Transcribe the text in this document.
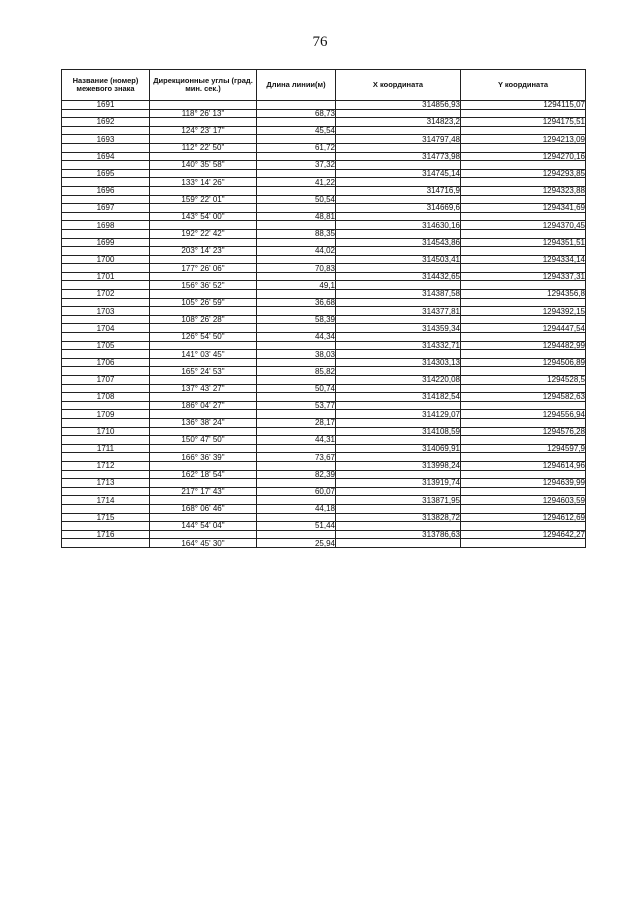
76
Название (номер) межевого знака	Дирекционные углы (град. мин. сек.)	Длина линии(м)	X координата	Y координата
1691			314856,93	1294115,07
	118° 26' 13"	68,73		
1692			314823,2	1294175,51
	124° 23' 17"	45,54		
1693			314797,48	1294213,09
	112° 22' 50"	61,72		
1694			314773,98	1294270,16
	140° 35' 58"	37,32		
1695			314745,14	1294293,85
	133° 14' 26"	41,22		
1696			314716,9	1294323,88
	159° 22' 01"	50,54		
1697			314669,6	1294341,69
	143° 54' 00"	48,81		
1698			314630,16	1294370,45
	192° 22' 42"	88,35		
1699			314543,86	1294351,51
	203° 14' 23"	44,02		
1700			314503,41	1294334,14
	177° 26' 06"	70,83		
1701			314432,65	1294337,31
	156° 36' 52"	49,1		
1702			314387,58	1294356,8
	105° 26' 59"	36,68		
1703			314377,81	1294392,15
	108° 26' 28"	58,39		
1704			314359,34	1294447,54
	126° 54' 50"	44,34		
1705			314332,71	1294482,99
	141° 03' 45"	38,03		
1706			314303,13	1294506,89
	165° 24' 53"	85,82		
1707			314220,08	1294528,5
	137° 43' 27"	50,74		
1708			314182,54	1294582,63
	186° 04' 27"	53,77		
1709			314129,07	1294556,94
	136° 38' 24"	28,17		
1710			314108,59	1294576,28
	150° 47' 50"	44,31		
1711			314069,91	1294597,9
	166° 36' 39"	73,67		
1712			313998,24	1294614,96
	162° 18' 54"	82,39		
1713			313919,74	1294639,99
	217° 17' 43"	60,07		
1714			313871,95	1294603,59
	168° 06' 46"	44,18		
1715			313828,72	1294612,69
	144° 54' 04"	51,44		
1716			313786,63	1294642,27
	164° 45' 30"	25,94		
